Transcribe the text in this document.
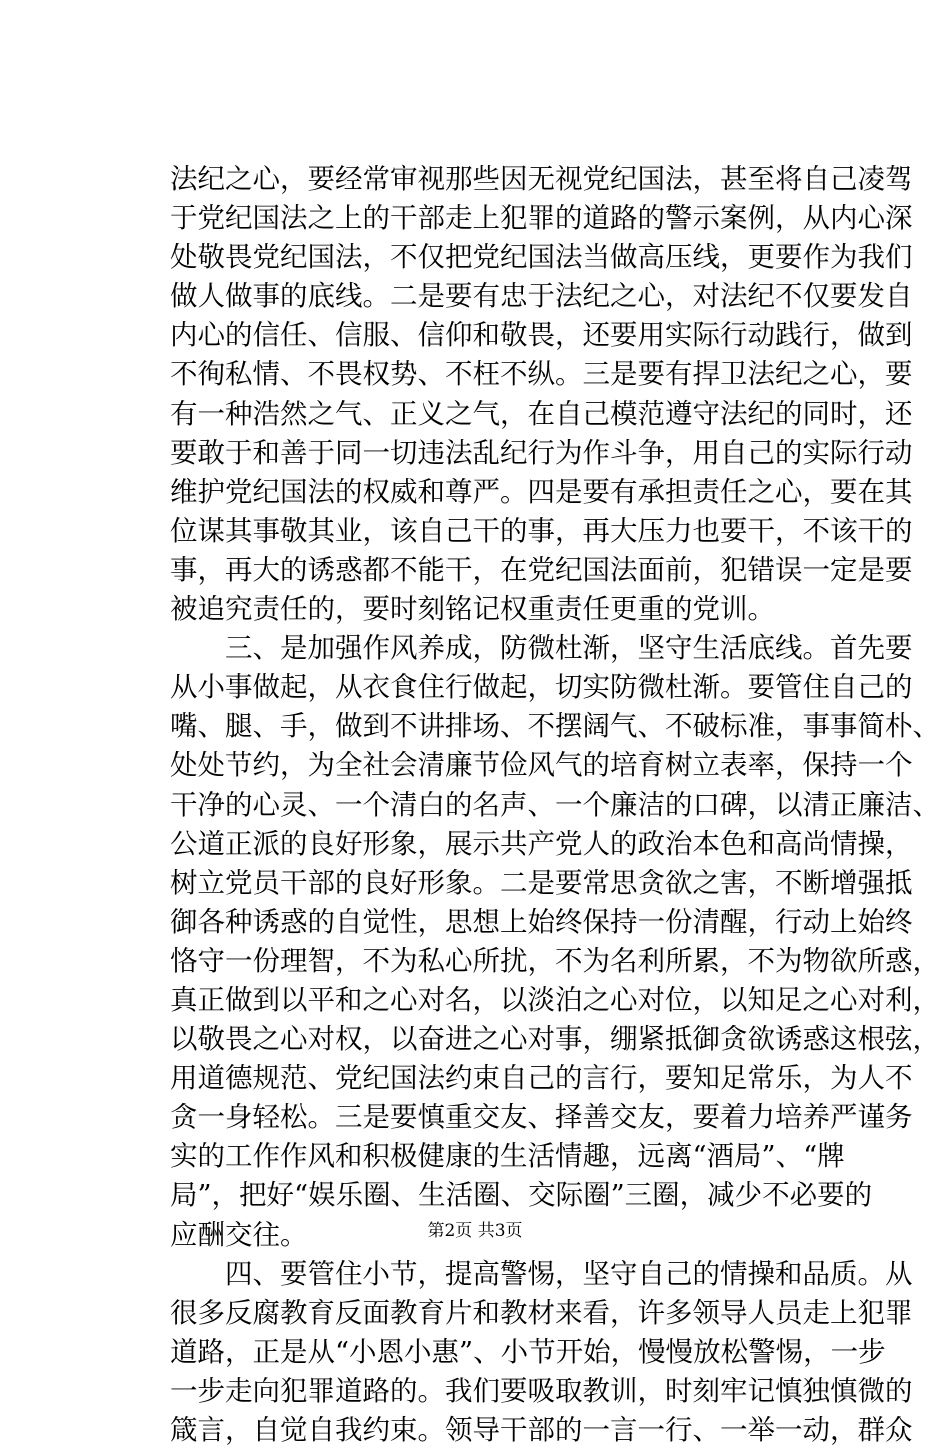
法纪之心，要经常审视那些因无视党纪国法，甚至将自己凌驾
于党纪国法之上的干部走上犯罪的道路的警示案例，从内心深
处敬畏党纪国法，不仅把党纪国法当做高压线，更要作为我们
做人做事的底线。二是要有忠于法纪之心，对法纪不仅要发自
内心的信任、信服、信仰和敬畏，还要用实际行动践行，做到
不徇私情、不畏权势、不枉不纵。三是要有捍卫法纪之心，要
有一种浩然之气、正义之气，在自己模范遵守法纪的同时，还
要敢于和善于同一切违法乱纪行为作斗争，用自己的实际行动
维护党纪国法的权威和尊严。四是要有承担责任之心，要在其
位谋其事敬其业，该自己干的事，再大压力也要干，不该干的
事，再大的诱惑都不能干，在党纪国法面前，犯错误一定是要
被追究责任的，要时刻铭记权重责任更重的党训。
　　三、是加强作风养成，防微杜渐，坚守生活底线。首先要
从小事做起，从衣食住行做起，切实防微杜渐。要管住自己的
嘴、腿、手，做到不讲排场、不摆阔气、不破标准，事事简朴、
处处节约，为全社会清廉节俭风气的培育树立表率，保持一个
干净的心灵、一个清白的名声、一个廉洁的口碑，以清正廉洁、
公道正派的良好形象，展示共产党人的政治本色和高尚情操，
树立党员干部的良好形象。二是要常思贪欲之害，不断增强抵
御各种诱惑的自觉性，思想上始终保持一份清醒，行动上始终
恪守一份理智，不为私心所扰，不为名利所累，不为物欲所惑，
真正做到以平和之心对名，以淡泊之心对位，以知足之心对利，
以敬畏之心对权，以奋进之心对事，绷紧抵御贪欲诱惑这根弦，
用道德规范、党纪国法约束自己的言行，要知足常乐，为人不
贪一身轻松。三是要慎重交友、择善交友，要着力培养严谨务
实的工作作风和积极健康的生活情趣，远离“酒局”、“牌
局”，把好“娱乐圈、生活圈、交际圈”三圈，减少不必要的
应酬交往。
　　四、要管住小节，提高警惕，坚守自己的情操和品质。从
很多反腐教育反面教育片和教材来看，许多领导人员走上犯罪
道路，正是从“小恩小惠”、小节开始，慢慢放松警惕，一步
一步走向犯罪道路的。我们要吸取教训，时刻牢记慎独慎微的
箴言，自觉自我约束。领导干部的一言一行、一举一动，群众
第2页 共3页
